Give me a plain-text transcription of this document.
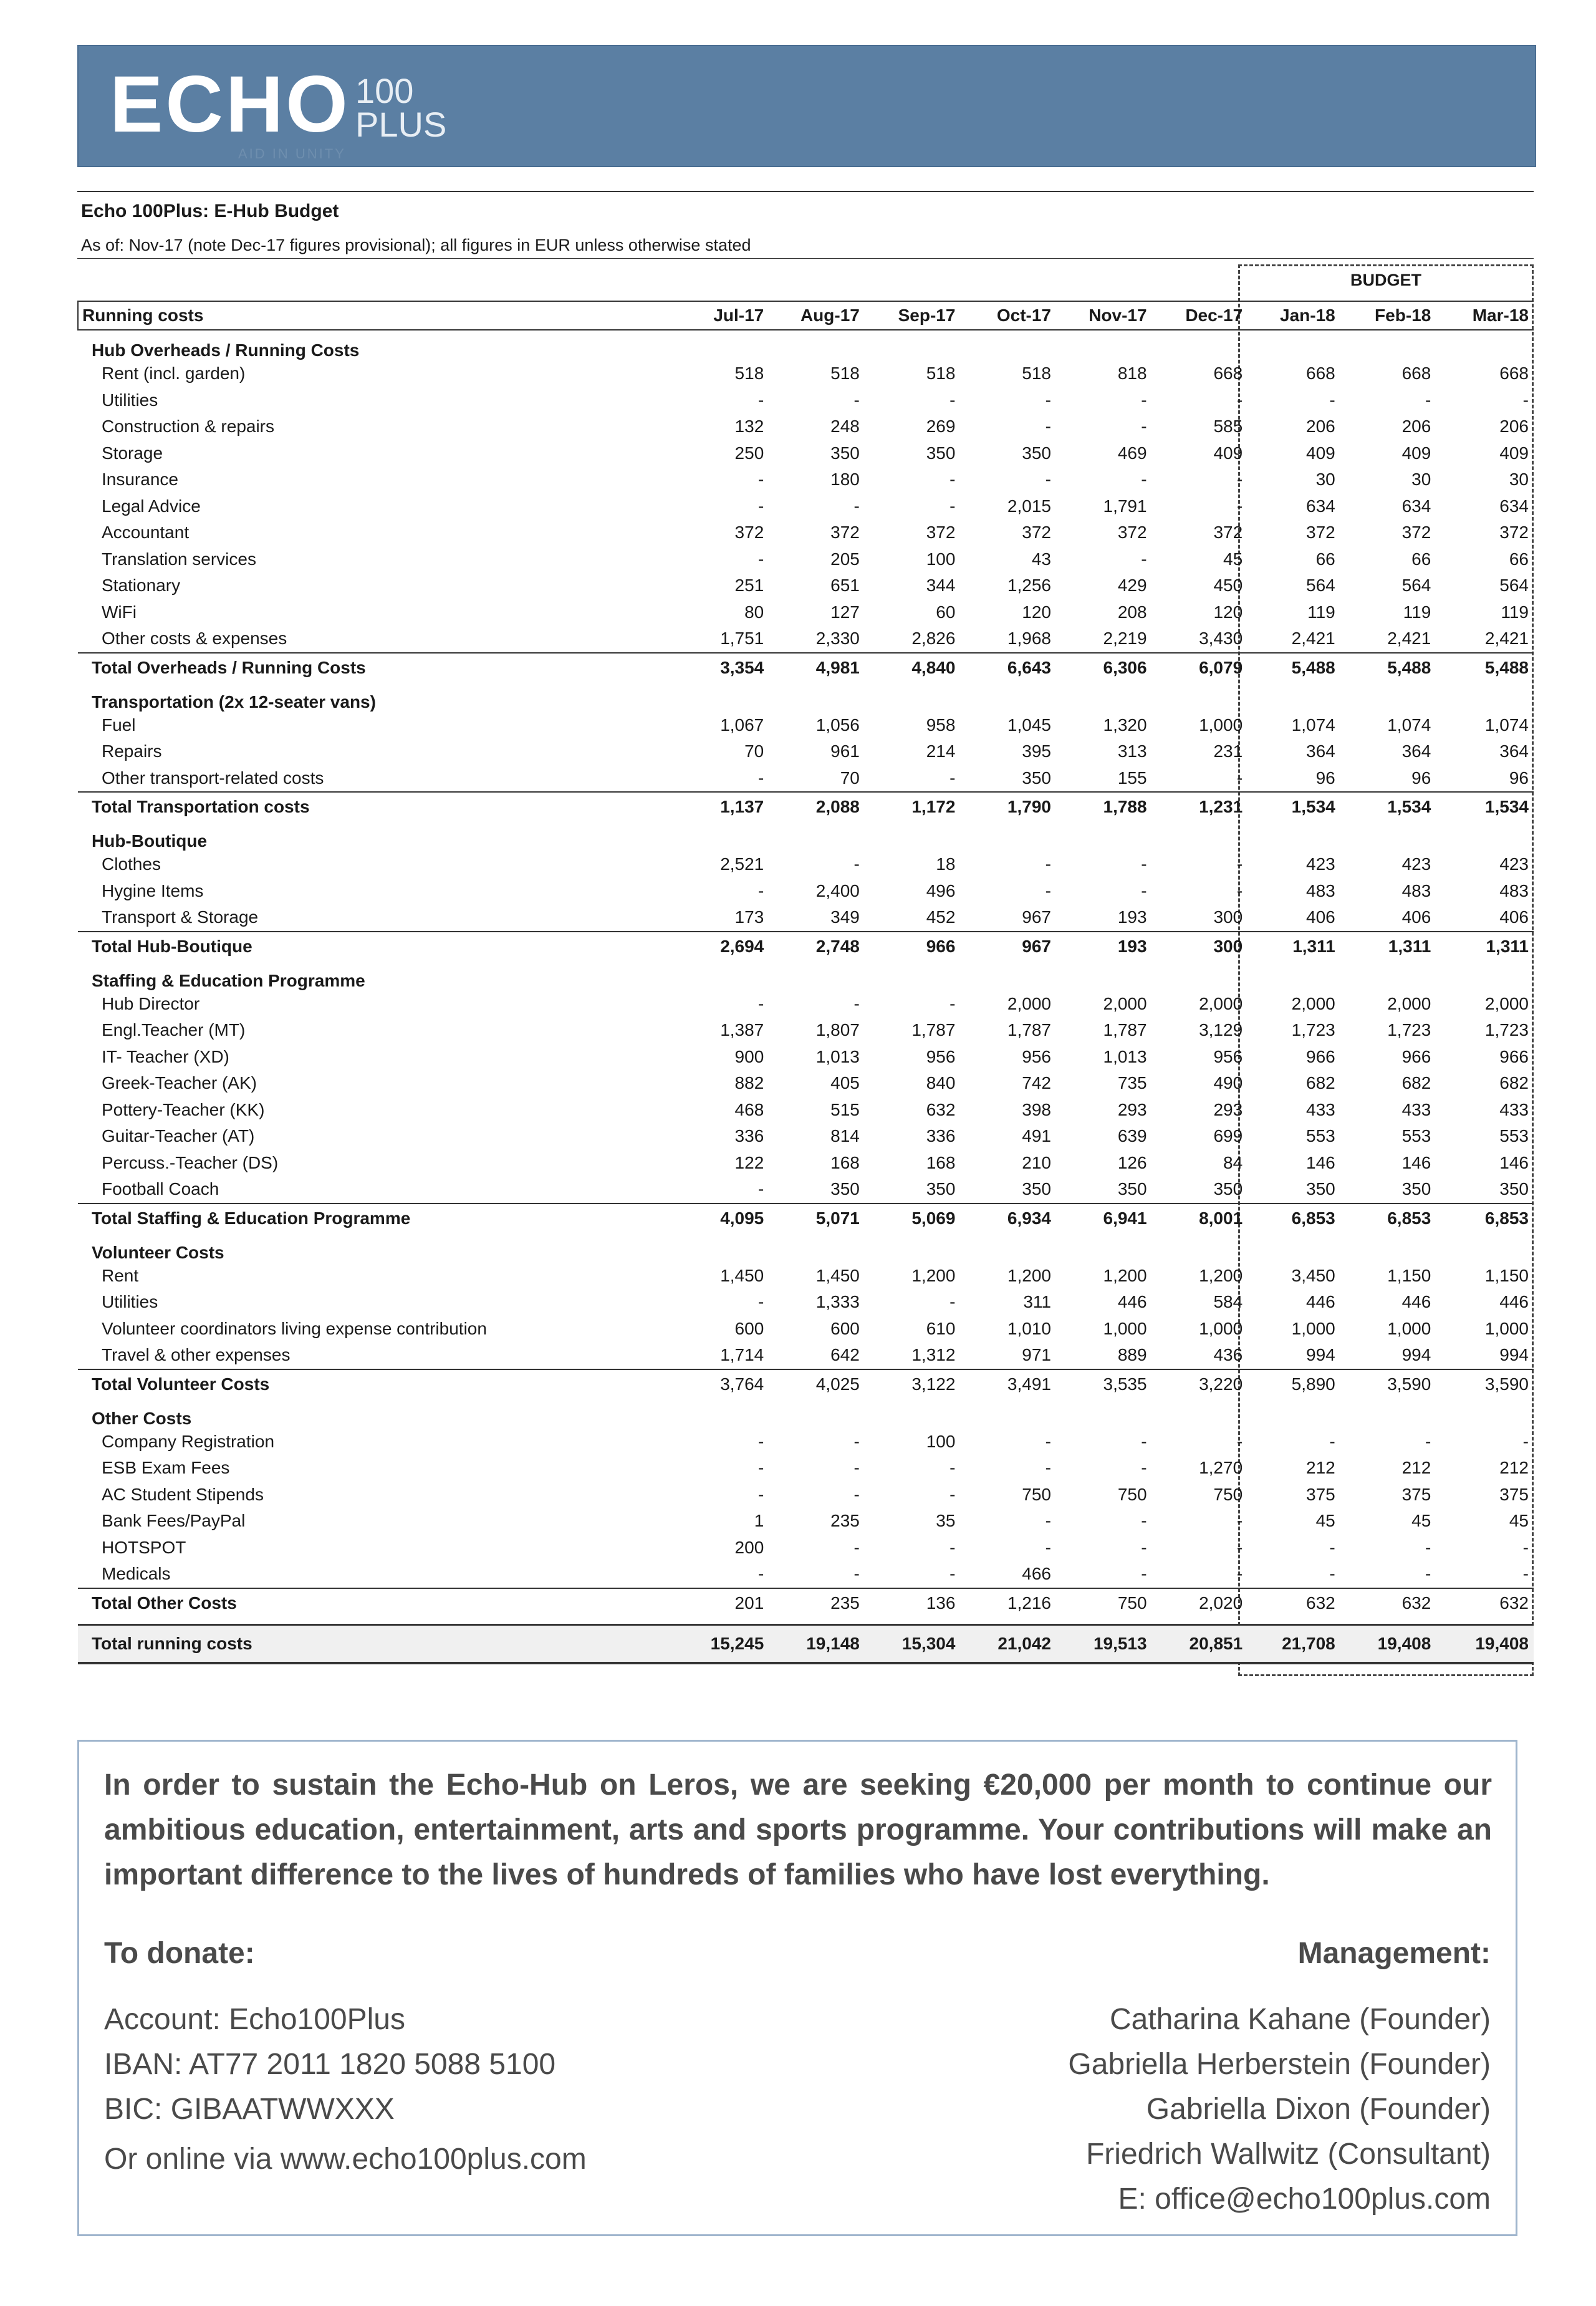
ECHO 100
PLUS
AID IN UNITY
Echo 100Plus: E-Hub Budget
As of: Nov-17 (note Dec-17 figures provisional); all figures in EUR unless otherwise stated
BUDGET
Running costs	Jul-17	Aug-17	Sep-17	Oct-17	Nov-17	Dec-17	Jan-18	Feb-18	Mar-18
Hub Overheads / Running Costs									
Rent (incl. garden)	518	518	518	518	818	668	668	668	668
Utilities	-	-	-	-	-	-	-	-	-
Construction & repairs	132	248	269	-	-	585	206	206	206
Storage	250	350	350	350	469	409	409	409	409
Insurance	-	180	-	-	-	-	30	30	30
Legal Advice	-	-	-	2,015	1,791	-	634	634	634
Accountant	372	372	372	372	372	372	372	372	372
Translation services	-	205	100	43	-	45	66	66	66
Stationary	251	651	344	1,256	429	450	564	564	564
WiFi	80	127	60	120	208	120	119	119	119
Other costs & expenses	1,751	2,330	2,826	1,968	2,219	3,430	2,421	2,421	2,421
Total Overheads / Running Costs	3,354	4,981	4,840	6,643	6,306	6,079	5,488	5,488	5,488
Transportation (2x 12-seater vans)									
Fuel	1,067	1,056	958	1,045	1,320	1,000	1,074	1,074	1,074
Repairs	70	961	214	395	313	231	364	364	364
Other transport-related costs	-	70	-	350	155	-	96	96	96
Total Transportation costs	1,137	2,088	1,172	1,790	1,788	1,231	1,534	1,534	1,534
Hub-Boutique									
Clothes	2,521	-	18	-	-	-	423	423	423
Hygine Items	-	2,400	496	-	-	-	483	483	483
Transport & Storage	173	349	452	967	193	300	406	406	406
Total Hub-Boutique	2,694	2,748	966	967	193	300	1,311	1,311	1,311
Staffing & Education Programme									
Hub Director	-	-	-	2,000	2,000	2,000	2,000	2,000	2,000
Engl.Teacher (MT)	1,387	1,807	1,787	1,787	1,787	3,129	1,723	1,723	1,723
IT- Teacher (XD)	900	1,013	956	956	1,013	956	966	966	966
Greek-Teacher (AK)	882	405	840	742	735	490	682	682	682
Pottery-Teacher (KK)	468	515	632	398	293	293	433	433	433
Guitar-Teacher (AT)	336	814	336	491	639	699	553	553	553
Percuss.-Teacher (DS)	122	168	168	210	126	84	146	146	146
Football Coach	-	350	350	350	350	350	350	350	350
Total Staffing & Education Programme	4,095	5,071	5,069	6,934	6,941	8,001	6,853	6,853	6,853
Volunteer Costs									
Rent	1,450	1,450	1,200	1,200	1,200	1,200	3,450	1,150	1,150
Utilities	-	1,333	-	311	446	584	446	446	446
Volunteer coordinators living expense contribution	600	600	610	1,010	1,000	1,000	1,000	1,000	1,000
Travel & other expenses	1,714	642	1,312	971	889	436	994	994	994
Total Volunteer Costs	3,764	4,025	3,122	3,491	3,535	3,220	5,890	3,590	3,590
Other Costs									
Company Registration	-	-	100	-	-	-	-	-	-
ESB Exam Fees	-	-	-	-	-	1,270	212	212	212
AC Student Stipends	-	-	-	750	750	750	375	375	375
Bank Fees/PayPal	1	235	35	-	-	-	45	45	45
HOTSPOT	200	-	-	-	-	-	-	-	-
Medicals	-	-	-	466	-	-	-	-	-
Total Other Costs	201	235	136	1,216	750	2,020	632	632	632

Total running costs	15,245	19,148	15,304	21,042	19,513	20,851	21,708	19,408	19,408
In order to sustain the Echo-Hub on Leros, we are seeking €20,000 per month to continue our ambitious education, entertainment, arts and sports programme. Your contributions will make an important difference to the lives of hundreds of families who have lost everything.
To donate:	Management:
Account: Echo100Plus
IBAN: AT77 2011 1820 5088 5100
BIC: GIBAATWWXXX
Or online via www.echo100plus.com
Catharina Kahane (Founder)
Gabriella Herberstein (Founder)
Gabriella Dixon (Founder)
Friedrich Wallwitz (Consultant)
E: office@echo100plus.com
